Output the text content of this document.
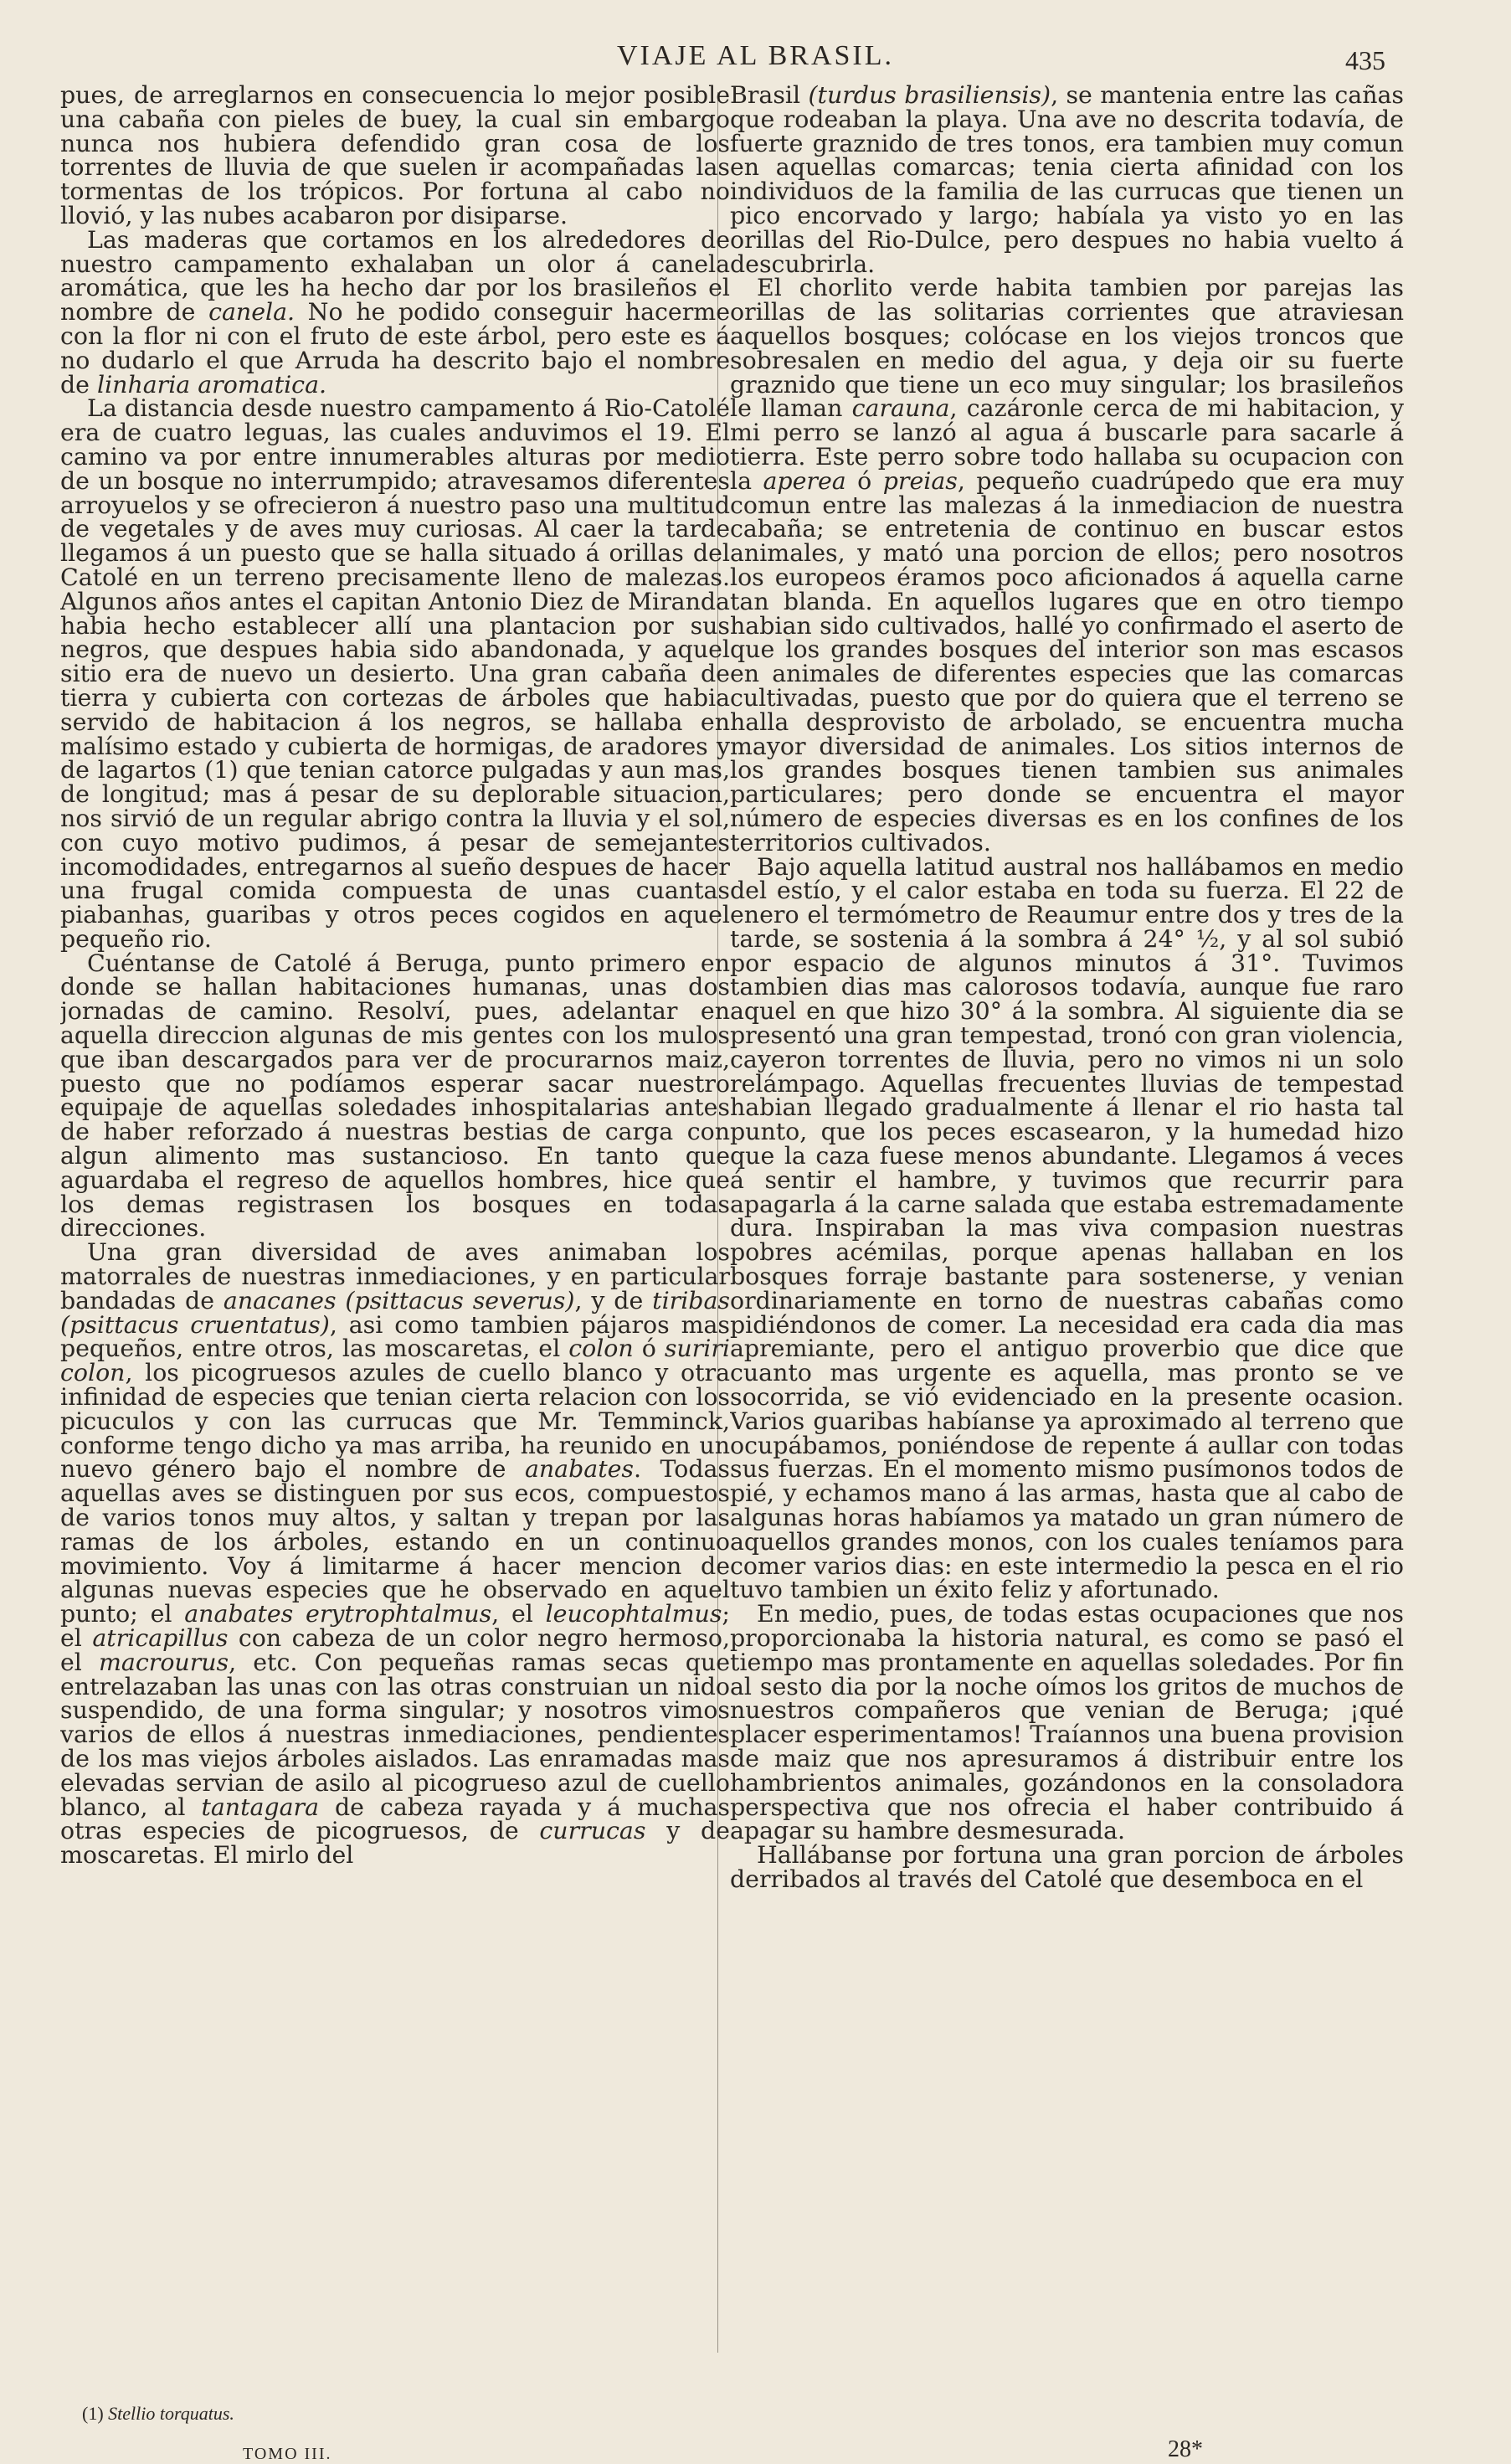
VIAJE AL BRASIL.	435

pues, de arreglarnos en consecuencia lo mejor posible una cabaña con pieles de buey, la cual sin embargo nunca nos hubiera defendido gran cosa de los torrentes de lluvia de que suelen ir acompañadas las tormentas de los trópicos. Por fortuna al cabo no llovió, y las nubes acabaron por disiparse.

Las maderas que cortamos en los alrededores de nuestro campamento exhalaban un olor á canela aromática, que les ha hecho dar por los brasileños el nombre de canela. No he podido conseguir hacerme con la flor ni con el fruto de este árbol, pero este es á no dudarlo el que Arruda ha descrito bajo el nombre de linharia aromatica.

La distancia desde nuestro campamento á Rio-Catolé era de cuatro leguas, las cuales anduvimos el 19. El camino va por entre innumerables alturas por medio de un bosque no interrumpido; atravesamos diferentes arroyuelos y se ofrecieron á nuestro paso una multitud de vegetales y de aves muy curiosas. Al caer la tarde llegamos á un puesto que se halla situado á orillas del Catolé en un terreno precisamente lleno de malezas. Algunos años antes el capitan Antonio Diez de Miranda habia hecho establecer allí una plantacion por sus negros, que despues habia sido abandonada, y aquel sitio era de nuevo un desierto. Una gran cabaña de tierra y cubierta con cortezas de árboles que habia servido de habitacion á los negros, se hallaba en malísimo estado y cubierta de hormigas, de aradores y de lagartos (1) que tenian catorce pulgadas y aun mas, de longitud; mas á pesar de su deplorable situacion, nos sirvió de un regular abrigo contra la lluvia y el sol, con cuyo motivo pudimos, á pesar de semejantes incomodidades, entregarnos al sueño despues de hacer una frugal comida compuesta de unas cuantas piabanhas, guaribas y otros peces cogidos en aquel pequeño rio.

Cuéntanse de Catolé á Beruga, punto primero en donde se hallan habitaciones humanas, unas dos jornadas de camino. Resolví, pues, adelantar en aquella direccion algunas de mis gentes con los mulos que iban descargados para ver de procurarnos maiz, puesto que no podíamos esperar sacar nuestro equipaje de aquellas soledades inhospitalarias antes de haber reforzado á nuestras bestias de carga con algun alimento mas sustancioso. En tanto que aguardaba el regreso de aquellos hombres, hice que los demas registrasen los bosques en todas direcciones.

Una gran diversidad de aves animaban los matorrales de nuestras inmediaciones, y en particular bandadas de anacanes (psittacus severus), y de tiribas (psittacus cruentatus), asi como tambien pájaros mas pequeños, entre otros, las moscaretas, el colon ó suriri colon, los picogruesos azules de cuello blanco y otra infinidad de especies que tenian cierta relacion con los picuculos y con las currucas que Mr. Temminck, conforme tengo dicho ya mas arriba, ha reunido en un nuevo género bajo el nombre de anabates. Todas aquellas aves se distinguen por sus ecos, compuestos de varios tonos muy altos, y saltan y trepan por las ramas de los árboles, estando en un continuo movimiento. Voy á limitarme á hacer mencion de algunas nuevas especies que he observado en aquel punto; el anabates erytrophtalmus, el leucophtalmus; el atricapillus con cabeza de un color negro hermoso, el macrourus, etc. Con pequeñas ramas secas que entrelazaban las unas con las otras construian un nido suspendido, de una forma singular; y nosotros vimos varios de ellos á nuestras inmediaciones, pendientes de los mas viejos árboles aislados. Las enramadas mas elevadas servian de asilo al picogrueso azul de cuello blanco, al tantagara de cabeza rayada y á muchas otras especies de picogruesos, de currucas y de moscaretas. El mirlo del

Brasil (turdus brasiliensis), se mantenia entre las cañas que rodeaban la playa. Una ave no descrita todavía, de fuerte graznido de tres tonos, era tambien muy comun en aquellas comarcas; tenia cierta afinidad con los individuos de la familia de las currucas que tienen un pico encorvado y largo; habíala ya visto yo en las orillas del Rio-Dulce, pero despues no habia vuelto á descubrirla.

El chorlito verde habita tambien por parejas las orillas de las solitarias corrientes que atraviesan aquellos bosques; colócase en los viejos troncos que sobresalen en medio del agua, y deja oir su fuerte graznido que tiene un eco muy singular; los brasileños le llaman carauna, cazáronle cerca de mi habitacion, y mi perro se lanzó al agua á buscarle para sacarle á tierra. Este perro sobre todo hallaba su ocupacion con la aperea ó preias, pequeño cuadrúpedo que era muy comun entre las malezas á la inmediacion de nuestra cabaña; se entretenia de continuo en buscar estos animales, y mató una porcion de ellos; pero nosotros los europeos éramos poco aficionados á aquella carne tan blanda. En aquellos lugares que en otro tiempo habian sido cultivados, hallé yo confirmado el aserto de que los grandes bosques del interior son mas escasos en animales de diferentes especies que las comarcas cultivadas, puesto que por do quiera que el terreno se halla desprovisto de arbolado, se encuentra mucha mayor diversidad de animales. Los sitios internos de los grandes bosques tienen tambien sus animales particulares; pero donde se encuentra el mayor número de especies diversas es en los confines de los territorios cultivados.

Bajo aquella latitud austral nos hallábamos en medio del estío, y el calor estaba en toda su fuerza. El 22 de enero el termómetro de Reaumur entre dos y tres de la tarde, se sostenia á la sombra á 24° ½, y al sol subió por espacio de algunos minutos á 31°. Tuvimos tambien dias mas calorosos todavía, aunque fue raro aquel en que hizo 30° á la sombra. Al siguiente dia se presentó una gran tempestad, tronó con gran violencia, cayeron torrentes de lluvia, pero no vimos ni un solo relámpago. Aquellas frecuentes lluvias de tempestad habian llegado gradualmente á llenar el rio hasta tal punto, que los peces escasearon, y la humedad hizo que la caza fuese menos abundante. Llegamos á veces á sentir el hambre, y tuvimos que recurrir para apagarla á la carne salada que estaba estremadamente dura. Inspiraban la mas viva compasion nuestras pobres acémilas, porque apenas hallaban en los bosques forraje bastante para sostenerse, y venian ordinariamente en torno de nuestras cabañas como pidiéndonos de comer. La necesidad era cada dia mas apremiante, pero el antiguo proverbio que dice que cuanto mas urgente es aquella, mas pronto se ve socorrida, se vió evidenciado en la presente ocasion. Varios guaribas habíanse ya aproximado al terreno que ocupábamos, poniéndose de repente á aullar con todas sus fuerzas. En el momento mismo pusímonos todos de pié, y echamos mano á las armas, hasta que al cabo de algunas horas habíamos ya matado un gran número de aquellos grandes monos, con los cuales teníamos para comer varios dias: en este intermedio la pesca en el rio tuvo tambien un éxito feliz y afortunado.

En medio, pues, de todas estas ocupaciones que nos proporcionaba la historia natural, es como se pasó el tiempo mas prontamente en aquellas soledades. Por fin al sesto dia por la noche oímos los gritos de muchos de nuestros compañeros que venian de Beruga; ¡qué placer esperimentamos! Traíannos una buena provision de maiz que nos apresuramos á distribuir entre los hambrientos animales, gozándonos en la consoladora perspectiva que nos ofrecia el haber contribuido á apagar su hambre desmesurada.

Hallábanse por fortuna una gran porcion de árboles derribados al través del Catolé que desemboca en el

(1) Stellio torquatus.
TOMO III.	28*
